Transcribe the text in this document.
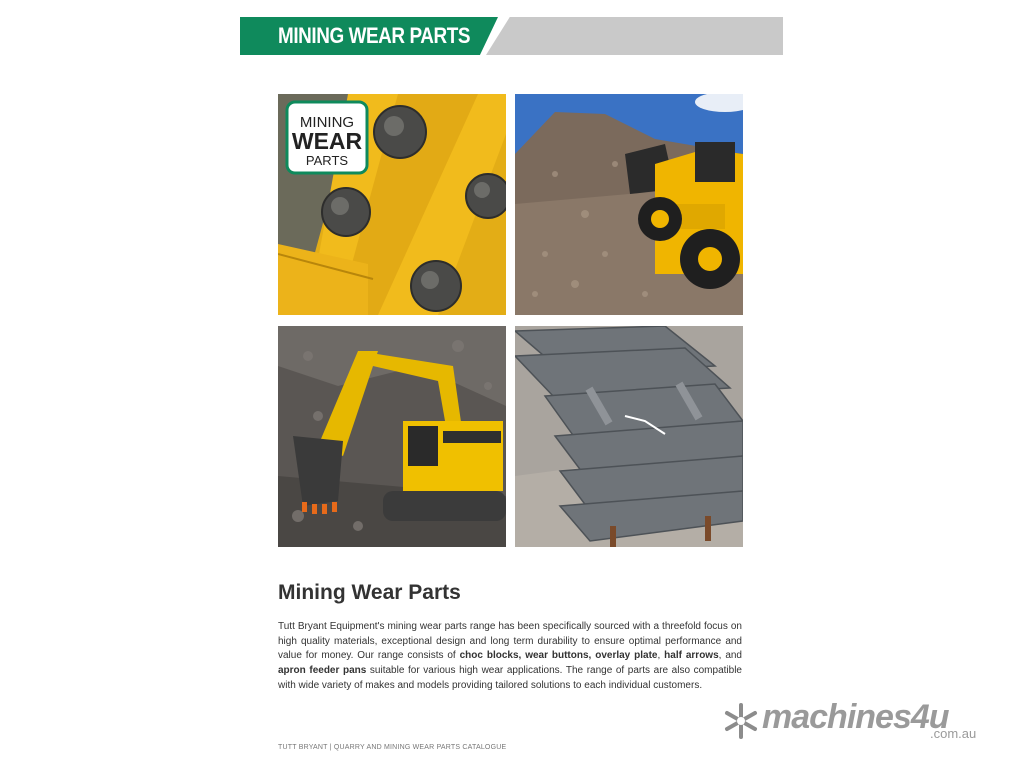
MINING WEAR PARTS
MINING
WEAR
PARTS
Mining Wear Parts
Tutt Bryant Equipment's mining wear parts range has been specifically sourced with a threefold focus on high quality materials, exceptional design and long term durability to ensure optimal performance and value for money. Our range consists of choc blocks, wear buttons, overlay plate, half arrows, and apron feeder pans suitable for various high wear applications. The range of parts are also compatible with wide variety of makes and models providing tailored solutions to each individual customers.
machines4u
.com.au
TUTT BRYANT | QUARRY AND MINING WEAR PARTS CATALOGUE
